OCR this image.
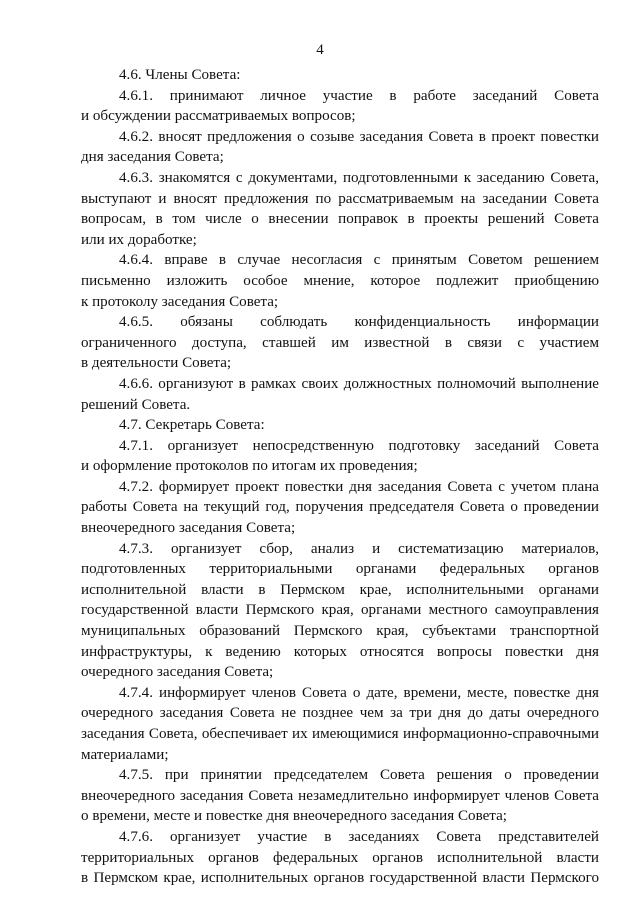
4

4.6. Члены Совета:

4.6.1. принимают личное участие в работе заседаний Совета
и обсуждении рассматриваемых вопросов;

4.6.2. вносят предложения о созыве заседания Совета в проект повестки
дня заседания Совета;

4.6.3. знакомятся с документами, подготовленными к заседанию Совета,
выступают и вносят предложения по рассматриваемым на заседании Совета
вопросам, в том числе о внесении поправок в проекты решений Совета
или их доработке;

4.6.4. вправе в случае несогласия с принятым Советом решением
письменно изложить особое мнение, которое подлежит приобщению
к протоколу заседания Совета;

4.6.5. обязаны соблюдать конфиденциальность информации
ограниченного доступа, ставшей им известной в связи с участием
в деятельности Совета;

4.6.6. организуют в рамках своих должностных полномочий выполнение
решений Совета.

4.7. Секретарь Совета:

4.7.1. организует непосредственную подготовку заседаний Совета
и оформление протоколов по итогам их проведения;

4.7.2. формирует проект повестки дня заседания Совета с учетом плана
работы Совета на текущий год, поручения председателя Совета о проведении
внеочередного заседания Совета;

4.7.3. организует сбор, анализ и систематизацию материалов,
подготовленных территориальными органами федеральных органов
исполнительной власти в Пермском крае, исполнительными органами
государственной власти Пермского края, органами местного самоуправления
муниципальных образований Пермского края, субъектами транспортной
инфраструктуры, к ведению которых относятся вопросы повестки дня
очередного заседания Совета;

4.7.4. информирует членов Совета о дате, времени, месте, повестке дня
очередного заседания Совета не позднее чем за три дня до даты очередного
заседания Совета, обеспечивает их имеющимися информационно-справочными
материалами;

4.7.5. при принятии председателем Совета решения о проведении
внеочередного заседания Совета незамедлительно информирует членов Совета
о времени, месте и повестке дня внеочередного заседания Совета;

4.7.6. организует участие в заседаниях Совета представителей
территориальных органов федеральных органов исполнительной власти
в Пермском крае, исполнительных органов государственной власти Пермского
